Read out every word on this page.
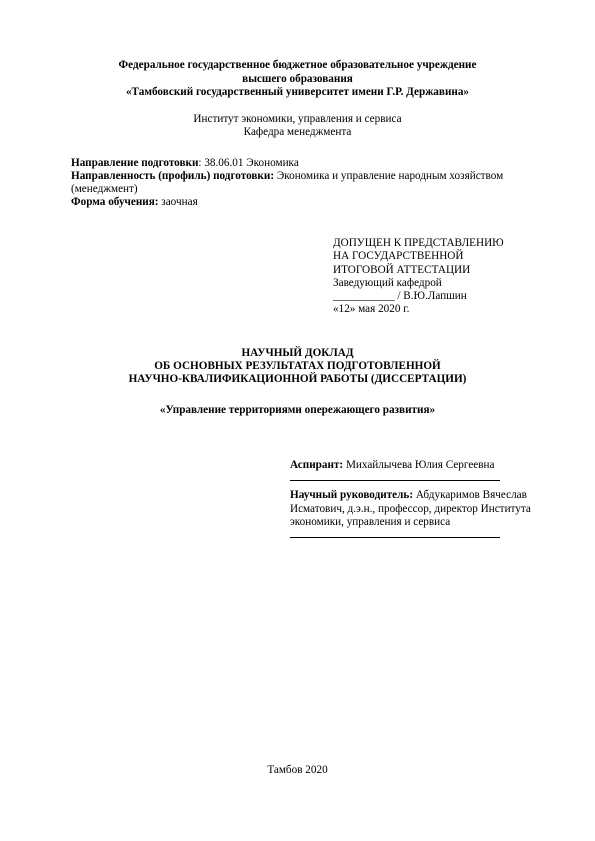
Федеральное государственное бюджетное образовательное учреждение
высшего образования
«Тамбовский государственный университет имени Г.Р. Державина»
Институт экономики, управления и сервиса
Кафедра менеджмента
Направление подготовки: 38.06.01 Экономика
Направленность (профиль) подготовки: Экономика и управление народным хозяйством
(менеджмент)
Форма обучения: заочная
ДОПУЩЕН К ПРЕДСТАВЛЕНИЮ
НА ГОСУДАРСТВЕННОЙ
ИТОГОВОЙ АТТЕСТАЦИИ
Заведующий кафедрой
___________ / В.Ю.Лапшин
«12» мая 2020 г.
НАУЧНЫЙ ДОКЛАД
ОБ ОСНОВНЫХ РЕЗУЛЬТАТАХ ПОДГОТОВЛЕННОЙ
НАУЧНО-КВАЛИФИКАЦИОННОЙ РАБОТЫ (ДИССЕРТАЦИИ)
«Управление территориями опережающего развития»
Аспирант: Михайлычева Юлия Сергеевна
Научный руководитель: Абдукаримов Вячеслав
Исматович, д.э.н., профессор, директор Института
экономики, управления и сервиса
Тамбов 2020
